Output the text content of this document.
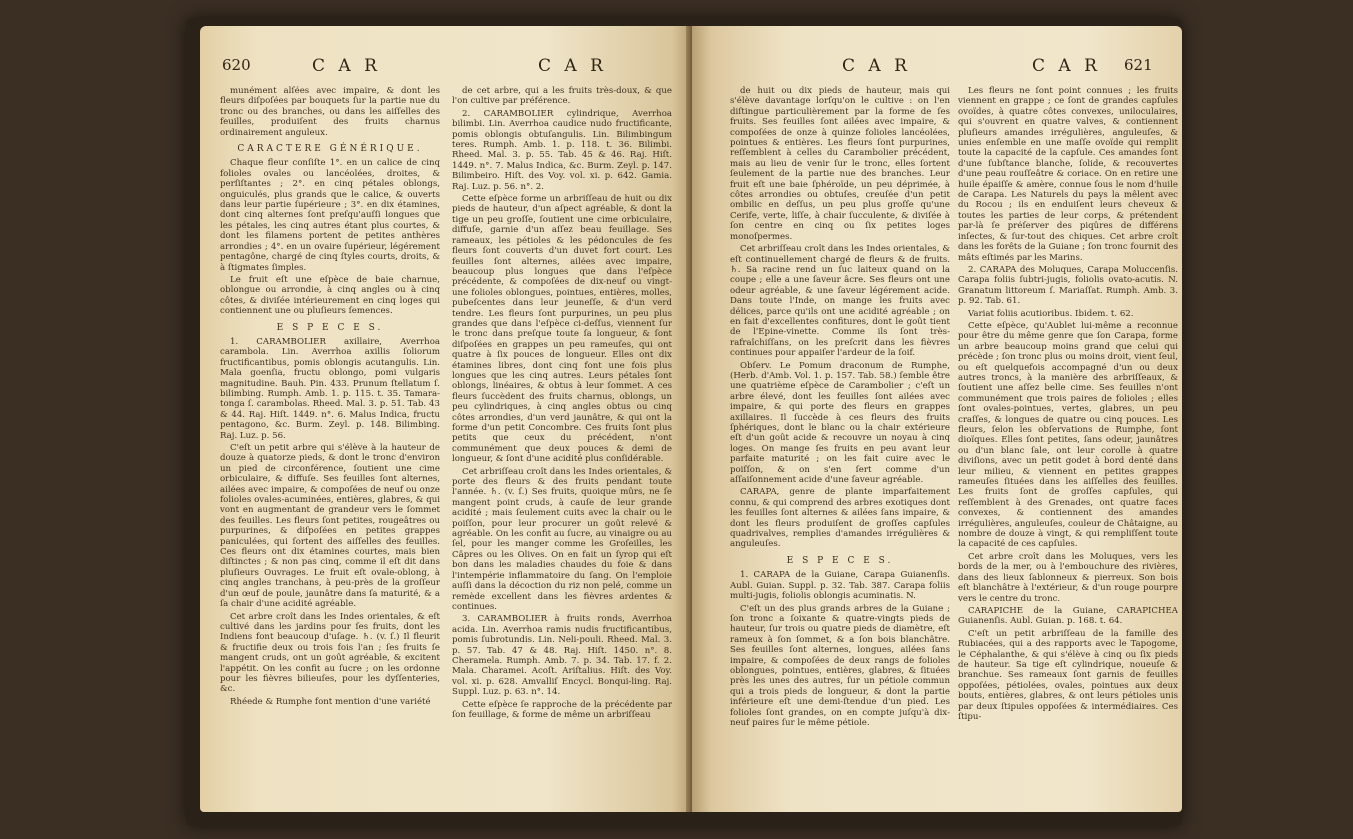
620	C A R	C A R

munément alſées avec impaire, & dont les fleurs diſpoſées par bouquets ſur la partie nue du tronc ou des branches, ou dans les aiſſelles des feuilles, produiſent des fruits charnus ordinairement anguleux.

CARACTERE GÉNÉRIQUE.

Chaque fleur conſiſte 1°. en un calice de cinq folioles ovales ou lancéolées, droites, & perſiſtantes ; 2°. en cinq pétales oblongs, onguiculés, plus grands que le calice, & ouverts dans leur partie ſupérieure ; 3°. en dix étamines, dont cinq alternes ſont preſqu'auſſi longues que les pétales, les cinq autres étant plus courtes, & dont les filamens portent de petites anthères arrondies ; 4°. en un ovaire ſupérieur, légérement pentagône, chargé de cinq ſtyles courts, droits, & à ſtigmates ſimples.

Le fruit eſt une eſpèce de baie charnue, oblongue ou arrondie, à cinq angles ou à cinq côtes, & diviſée intérieurement en cinq loges qui contiennent une ou pluſieurs ſemences.

E S P E C E S.

1. CARAMBOLIER axillaire, Averrhoa carambola. Lin. Averrhoa axillis ſoliorum fructificantibus, pomis oblongis acutangulis. Lin. Mala goenſia, fructu oblongo, pomi vulgaris magnitudine. Bauh. Pin. 433. Prunum ſtellatum ſ. bilimbing. Rumph. Amb. 1. p. 115. t. 35. Tamara-tonga ſ. carambolas. Rheed. Mal. 3. p. 51. Tab. 43 & 44. Raj. Hiſt. 1449. n°. 6. Malus Indica, fructu pentagono, &c. Burm. Zeyl. p. 148. Bilimbing. Raj. Luz. p. 56.

C'eſt un petit arbre qui s'élève à la hauteur de douze à quatorze pieds, & dont le tronc d'environ un pied de circonférence, ſoutient une cime orbiculaire, & diffuſe. Ses feuilles ſont alternes, ailées avec impaire, & compoſées de neuf ou onze folioles ovales-acuminées, entières, glabres, & qui vont en augmentant de grandeur vers le ſommet des feuilles. Les fleurs ſont petites, rougeâtres ou purpurines, & diſpoſées en petites grappes paniculées, qui ſortent des aiſſelles des feuilles. Ces fleurs ont dix étamines courtes, mais bien diſtinctes ; & non pas cinq, comme il eſt dit dans pluſieurs Ouvrages. Le fruit eſt ovale-oblong, à cinq angles tranchans, à peu-près de la groſſeur d'un œuf de poule, jaunâtre dans ſa maturité, & a ſa chair d'une acidité agréable.

Cet arbre croît dans les Indes orientales, & eſt cultivé dans les jardins pour ſes fruits, dont les Indiens font beaucoup d'uſage. ♄. (v. ſ.) Il fleurit & fructifie deux ou trois fois l'an ; ſes fruits ſe mangent cruds, ont un goût agréable, & excitent l'appétit. On les confit au ſucre ; on les ordonne pour les fièvres bilieuſes, pour les dyſſenteries, &c.

Rhéede & Rumphe font mention d'une variété

de cet arbre, qui a les fruits très-doux, & que l'on cultive par préférence.

2. CARAMBOLIER cylindrique, Averrhoa bilimbi. Lin. Averrhoa caudice nudo fructificante, pomis oblongis obtuſangulis. Lin. Bilimbingum teres. Rumph. Amb. 1. p. 118. t. 36. Bilimbi. Rheed. Mal. 3. p. 55. Tab. 45 & 46. Raj. Hiſt. 1449. n°. 7. Malus Indica, &c. Burm. Zeyl. p. 147. Bilimbeiro. Hiſt. des Voy. vol. xi. p. 642. Gamia. Raj. Luz. p. 56. n°. 2.

Cette eſpèce forme un arbriſſeau de huit ou dix pieds de hauteur, d'un aſpect agréable, & dont la tige un peu groſſe, ſoutient une cime orbiculaire, diffuſe, garnie d'un aſſez beau feuillage. Ses rameaux, les pétioles & les pédoncules de ſes fleurs ſont couverts d'un duvet fort court. Les feuilles ſont alternes, ailées avec impaire, beaucoup plus longues que dans l'eſpèce précédente, & compoſées de dix-neuf ou vingt-une folioles oblongues, pointues, entières, molles, pubeſcentes dans leur jeuneſſe, & d'un verd tendre. Les fleurs ſont purpurines, un peu plus grandes que dans l'eſpèce ci-deſſus, viennent ſur le tronc dans preſque toute ſa longueur, & ſont diſpoſées en grappes un peu rameuſes, qui ont quatre à ſix pouces de longueur. Elles ont dix étamines libres, dont cinq font une fois plus longues que les cinq autres. Leurs pétales ſont oblongs, linéaires, & obtus à leur ſommet. A ces fleurs ſuccèdent des fruits charnus, oblongs, un peu cylindriques, à cinq angles obtus ou cinq côtes arrondies, d'un verd jaunâtre, & qui ont la forme d'un petit Concombre. Ces fruits ſont plus petits que ceux du précédent, n'ont communément que deux pouces & demi de longueur, & ſont d'une acidité plus conſidérable.

Cet arbriſſeau croît dans les Indes orientales, & porte des fleurs & des fruits pendant toute l'année. ♄. (v. ſ.) Ses fruits, quoique mûrs, ne ſe mangent point cruds, à cauſe de leur grande acidité ; mais ſeulement cuits avec la chair ou le poiſſon, pour leur procurer un goût relevé & agréable. On les confit au ſucre, au vinaigre ou au ſel, pour les manger comme les Groſeilles, les Câpres ou les Olives. On en fait un ſyrop qui eſt bon dans les maladies chaudes du foie & dans l'intempérie inflammatoire du ſang. On l'emploie auſſi dans la décoction du riz non pelé, comme un remède excellent dans les fièvres ardentes & continues.

3. CARAMBOLIER à fruits ronds, Averrhoa acida. Lin. Averrhoa ramis nudis fructificantibus, pomis ſubrotundis. Lin. Neli-pouli. Rheed. Mal. 3. p. 57. Tab. 47 & 48. Raj. Hiſt. 1450. n°. 8. Cheramela. Rumph. Amb. 7. p. 34. Tab. 17. f. 2. Mala. Charamei. Acoſt. Ariſtalius. Hiſt. des Voy. vol. xi. p. 628. Amvalliſ Encycl. Bonqui-ling. Raj. Suppl. Luz. p. 63. n°. 14.

Cette eſpèce ſe rapproche de la précédente par ſon feuillage, & forme de même un arbriſſeau

C A R	C A R 621

de huit ou dix pieds de hauteur, mais qui s'élève davantage lorſqu'on le cultive : on l'en diſtingue particulièrement par la forme de ſes fruits. Ses feuilles ſont ailées avec impaire, & compoſées de onze à quinze folioles lancéolées, pointues & entières. Les fleurs ſont purpurines, reſſemblent à celles du Carambolier précédent, mais au lieu de venir ſur le tronc, elles ſortent ſeulement de la partie nue des branches. Leur fruit eſt une baie ſphéroïde, un peu déprimée, à côtes arrondies ou obtuſes, creuſée d'un petit ombilic en deſſus, un peu plus groſſe qu'une Cerife, verte, liſſe, à chair ſucculente, & diviſée à ſon centre en cinq ou ſix petites loges monoſpermes.

Cet arbriſſeau croît dans les Indes orientales, & eſt continuellement chargé de fleurs & de fruits. ♄. Sa racine rend un ſuc laiteux quand on la coupe ; elle a une ſaveur âcre. Ses fleurs ont une odeur agréable, & une ſaveur légérement acide. Dans toute l'Inde, on mange les fruits avec délices, parce qu'ils ont une acidité agréable ; on en fait d'excellentes confitures, dont le goût tient de l'Epine-vinette. Comme ils ſont très-rafraîchiſſans, on les preſcrit dans les fièvres continues pour appaiſer l'ardeur de la ſoif.

Obſerv. Le Pomum draconum de Rumphe, (Herb. d'Amb. Vol. 1. p. 157. Tab. 58.) ſemble être une quatrième eſpèce de Carambolier ; c'eſt un arbre élevé, dont les feuilles ſont ailées avec impaire, & qui porte des fleurs en grappes axillaires. Il ſuccède à ces fleurs des fruits ſphériques, dont le blanc ou la chair extérieure eſt d'un goût acide & recouvre un noyau à cinq loges. On mange ſes fruits en peu avant leur parfaite maturité ; on les fait cuire avec le poiſſon, & on s'en ſert comme d'un aſſaiſonnement acide d'une ſaveur agréable.

CARAPA, genre de plante imparfaitement connu, & qui comprend des arbres exotiques dont les feuilles ſont alternes & ailées ſans impaire, & dont les fleurs produiſent de groſſes capſules quadrivalves, remplies d'amandes irrégulières & anguleuſes.

E S P E C E S.

1. CARAPA de la Guiane, Carapa Guianenſis. Aubl. Guian. Suppl. p. 32. Tab. 387. Carapa foliis multi-jugis, foliolis oblongis acuminatis. N.

C'eſt un des plus grands arbres de la Guiane ; ſon tronc a ſoixante & quatre-vingts pieds de hauteur, ſur trois ou quatre pieds de diamètre, eſt rameux à ſon ſommet, & a ſon bois blanchâtre. Ses feuilles ſont alternes, longues, ailées ſans impaire, & compoſées de deux rangs de folioles oblongues, pointues, entières, glabres, & ſituées près les unes des autres, ſur un pétiole commun qui a trois pieds de longueur, & dont la partie inférieure eſt une demi-ſtendue d'un pied. Les folioles ſont grandes, on en compte juſqu'à dix-neuf paires ſur le même pétiole.

Les fleurs ne ſont point connues ; les fruits viennent en grappe ; ce ſont de grandes capſules ovoïdes, à quatre côtes convexes, uniloculaires, qui s'ouvrent en quatre valves, & contiennent pluſieurs amandes irrégulières, anguleuſes, & unies enſemble en une maſſe ovoïde qui remplit toute la capacité de la capſule. Ces amandes ſont d'une ſubſtance blanche, ſolide, & recouvertes d'une peau rouſſeâtre & coriace. On en retire une huile épaiſſe & amère, connue ſous le nom d'huile de Carapa. Les Naturels du pays la mêlent avec du Rocou ; ils en enduiſent leurs cheveux & toutes les parties de leur corps, & prétendent par-là ſe préſerver des piqûres de différens inſectes, & ſur-tout des chiques. Cet arbre croît dans les forêts de la Guiane ; ſon tronc fournit des mâts eſtimés par les Marins.

2. CARAPA des Moluques, Carapa Moluccenſis. Carapa foliis ſubtri-jugis, foliolis ovato-acutis. N. Granatum littoreum ſ. Mariaſſat. Rumph. Amb. 3. p. 92. Tab. 61.

Variat foliis acutioribus. Ibidem. t. 62.

Cette eſpèce, qu'Aublet lui-même a reconnue pour être du même genre que ſon Carapa, forme un arbre beaucoup moins grand que celui qui précède ; ſon tronc plus ou moins droit, vient ſeul, ou eſt quelquefois accompagné d'un ou deux autres troncs, à la manière des arbriſſeaux, & ſoutient une aſſez belle cime. Ses feuilles n'ont communément que trois paires de folioles ; elles ſont ovales-pointues, vertes, glabres, un peu craſſes, & longues de quatre ou cinq pouces. Les fleurs, ſelon les obſervations de Rumphe, ſont dioïques. Elles ſont petites, ſans odeur, jaunâtres ou d'un blanc ſale, ont leur corolle à quatre diviſions, avec un petit godet à bord denté dans leur milieu, & viennent en petites grappes rameuſes ſituées dans les aiſſelles des feuilles. Les fruits ſont de groſſes capſules, qui reſſemblent à des Grenades, ont quatre faces convexes, & contiennent des amandes irrégulières, anguleuſes, couleur de Châtaigne, au nombre de douze à vingt, & qui rempliſſent toute la capacité de ces capſules.

Cet arbre croît dans les Moluques, vers les bords de la mer, ou à l'embouchure des rivières, dans des lieux ſablonneux & pierreux. Son bois eſt blanchâtre à l'extérieur, & d'un rouge pourpre vers le centre du tronc.

CARAPICHE de la Guiane, CARAPICHEA Guianenſis. Aubl. Guian. p. 168. t. 64.

C'eſt un petit arbriſſeau de la famille des Rubiacées, qui a des rapports avec le Tapogome, le Céphalanthe, & qui s'élève à cinq ou ſix pieds de hauteur. Sa tige eſt cylindrique, noueuſe & branchue. Ses rameaux ſont garnis de feuilles oppoſées, pétiolées, ovales, pointues aux deux bouts, entières, glabres, & ont leurs pétioles unis par deux ſtipules oppoſées & intermédiaires. Ces ſtipu-
